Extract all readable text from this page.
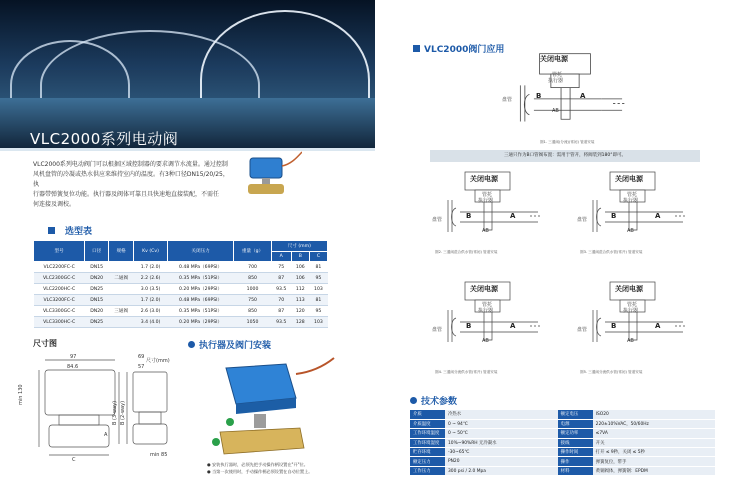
VLC2000系列电动阀
VLC2000系列电动阀门可以根据区域控制器的要求调节水流量。通过控制
风机盘管的冷凝或热水供应来维持室内的温度。有3种口径DN15/20/25，执
行器带弹簧复位功能。执行器及阀体可靠且具快速地直接装配，不需任
何连接及调校。
选型表
型号	口径	规格	Kv (Cv)	关闭压力	重量（g）	尺寸 (mm)		
						A	B	C
VLC2200FC-C	DN15		1.7 (2.0)	0.48 MPa（69PSI）	700	75	106	81
VLC2300GC-C	DN20	二通阀	2.2 (2.6)	0.35 MPa（51PSI）	850	87	106	95
VLC2200HC-C	DN25		3.0 (3.5)	0.20 MPa（29PSI）	1000	93.5	112	103
VLC3200FC-C	DN15		1.7 (2.0)	0.48 MPa（69PSI）	750	70	113	81
VLC3300GC-C	DN20	三通阀	2.6 (3.0)	0.35 MPa（51PSI）	850	87	120	95
VLC3300HC-C	DN25		3.4 (4.0)	0.20 MPa（29PSI）	1050	93.5	128	103
尺寸图
97
84.6
69
57
尺寸(mm)
min 130
B (3-way) B (2-way)
A
C
min 85
执行器及阀门安装
● 安装执行器时，必须先把手动操作柄设置在"开"位。
● 当第一次使用时，手动操作柄必须设置在自动位置上。
VLC2000阀门应用
关闭电源
管托
执行器
盘管	B	A
AB
图1. 三通阀(分流)(常闭) 管道安装
关闭电源
管托
执行器
盘管	B	A
AB
图2. 三通阀混合供水管(常闭) 管道安装
关闭电源
管托
执行器
盘管	B	A
AB
图3. 三通阀混合供水管(常开) 管道安装
关闭电源
管托
执行器
盘管	B	A
AB
图4. 三通阀分流供水管(常开) 管道安装
关闭电源
管托
执行器
盘管	B	A
AB
图5. 三通阀分流供水管(常闭) 管道安装
三通只作为B口管阀布置：需用于管开，将阀装到180°即可。
技术参数
介质	冷热水	额定电压	ISO20
介质温度	0 ~ 94℃	电源	220±10%VAC，50/60Hz
工作环境温度	0 ~ 50℃	额定功率	≤7VA
工作环境湿度	10%~90%RH 无冷凝水	接线	开关
贮存环境	-30~65℃	操作时间	打开 ≤ 9秒，关闭 ≤ 5秒
额定压力	PN20	操作	弹簧复位，带手
工作压力	300 psi / 2.0 Mpa	材料	黄铜阀体，弹簧钢：EPDM
